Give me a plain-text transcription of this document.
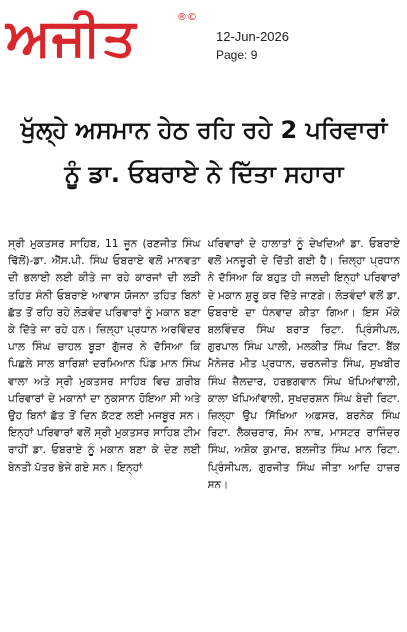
ਅਜੀਤ	®©
12-Jun-2026
Page: 9
ਖੁੱਲ੍ਹੇ ਅਸਮਾਨ ਹੇਠ ਰਹਿ ਰਹੇ 2 ਪਰਿਵਾਰਾਂ
ਨੂੰ ਡਾ. ਓਬਰਾਏ ਨੇ ਦਿੱਤਾ ਸਹਾਰਾ

ਸ੍ਰੀ ਮੁਕਤਸਰ ਸਾਹਿਬ, 11 ਜੂਨ (ਰਣਜੀਤ ਸਿੰਘ ਢਿੱਲੋਂ)-ਡਾ. ਐੱਸ.ਪੀ. ਸਿੰਘ ਓਬਰਾਏ ਵਲੋਂ ਮਾਨਵਤਾ ਦੀ ਭਲਾਈ ਲਈ ਕੀਤੇ ਜਾ ਰਹੇ ਕਾਰਜਾਂ ਦੀ ਲੜੀ ਤਹਿਤ ਸੰਨੀ ਓਬਰਾਏ ਆਵਾਸ ਯੋਜਨਾ ਤਹਿਤ ਬਿਨਾਂ ਛੱਤ ਤੋਂ ਰਹਿ ਰਹੇ ਲੋੜਵੰਦ ਪਰਿਵਾਰਾਂ ਨੂੰ ਮਕਾਨ ਬਣਾ ਕੇ ਦਿੱਤੇ ਜਾ ਰਹੇ ਹਨ। ਜ਼ਿਲ੍ਹਾ ਪ੍ਰਧਾਨ ਅਰਵਿੰਦਰ ਪਾਲ ਸਿੰਘ ਚਾਹਲ ਬੂੜਾ ਗੁੱਜਰ ਨੇ ਦੱਸਿਆ ਕਿ ਪਿਛਲੇ ਸਾਲ ਬਾਰਿਸ਼ਾਂ ਦਰਮਿਆਨ ਪਿੰਡ ਮਾਨ ਸਿੰਘ ਵਾਲਾ ਅਤੇ ਸ੍ਰੀ ਮੁਕਤਸਰ ਸਾਹਿਬ ਵਿਚ ਗ਼ਰੀਬ ਪਰਿਵਾਰਾਂ ਦੇ ਮਕਾਨਾਂ ਦਾ ਨੁਕਸਾਨ ਹੋਇਆ ਸੀ ਅਤੇ ਉਹ ਬਿਨਾਂ ਛੱਤ ਤੋਂ ਦਿਨ ਕੱਟਣ ਲਈ ਮਜਬੂਰ ਸਨ। ਇਨ੍ਹਾਂ ਪਰਿਵਾਰਾਂ ਵਲੋਂ ਸ੍ਰੀ ਮੁਕਤਸਰ ਸਾਹਿਬ ਟੀਮ ਰਾਹੀਂ ਡਾ. ਓਬਰਾਏ ਨੂੰ ਮਕਾਨ ਬਣਾ ਕੇ ਦੇਣ ਲਈ ਬੇਨਤੀ ਪੱਤਰ ਭੇਜੇ ਗਏ ਸਨ। ਇਨ੍ਹਾਂ

ਪਰਿਵਾਰਾਂ ਦੇ ਹਾਲਾਤਾਂ ਨੂੰ ਦੇਖਦਿਆਂ ਡਾ. ਓਬਰਾਏ ਵਲੋਂ ਮਨਜ਼ੂਰੀ ਦੇ ਦਿੱਤੀ ਗਈ ਹੈ। ਜ਼ਿਲ੍ਹਾ ਪ੍ਰਧਾਨ ਨੇ ਦੱਸਿਆ ਕਿ ਬਹੁਤ ਹੀ ਜਲਦੀ ਇਨ੍ਹਾਂ ਪਰਿਵਾਰਾਂ ਦੇ ਮਕਾਨ ਸ਼ੁਰੂ ਕਰ ਦਿੱਤੇ ਜਾਣਗੇ। ਲੋੜਵੰਦਾਂ ਵਲੋਂ ਡਾ. ਓਬਰਾਏ ਦਾ ਧੰਨਵਾਦ ਕੀਤਾ ਗਿਆ। ਇਸ ਮੌਕੇ ਬਲਵਿੰਦਰ ਸਿੰਘ ਬਰਾੜ ਰਿਟਾ. ਪ੍ਰਿੰਸੀਪਲ, ਗੁਰਪਾਲ ਸਿੰਘ ਪਾਲੀ, ਮਲਕੀਤ ਸਿੰਘ ਰਿਟਾ. ਬੈਂਕ ਮੈਨੇਜਰ ਮੀਤ ਪ੍ਰਧਾਨ, ਚਰਨਜੀਤ ਸਿੰਘ, ਸੁਖਬੀਰ ਸਿੰਘ ਜ਼ੈਲਦਾਰ, ਹਰਭਗਵਾਨ ਸਿੰਘ ਖੱਪਿਆਂਵਾਲੀ, ਕਾਲਾ ਖੱਪਿਆਂਵਾਲੀ, ਸੁਖਦਰਸ਼ਨ ਸਿੰਘ ਬੇਦੀ ਰਿਟਾ. ਜ਼ਿਲ੍ਹਾ ਉਪ ਸਿੱਖਿਆ ਅਫ਼ਸਰ, ਬਰਨੇਕ ਸਿੰਘ ਰਿਟਾ. ਲੈਕਚਰਾਰ, ਸੋਮ ਨਾਥ, ਮਾਸਟਰ ਰਾਜਿੰਦਰ ਸਿੰਘ, ਅਸ਼ੋਕ ਕੁਮਾਰ, ਬਲਜੀਤ ਸਿੰਘ ਮਾਨ ਰਿਟਾ. ਪ੍ਰਿੰਸੀਪਲ, ਗੁਰਜੀਤ ਸਿੰਘ ਜੀਤਾ ਆਦਿ ਹਾਜ਼ਰ ਸਨ।
